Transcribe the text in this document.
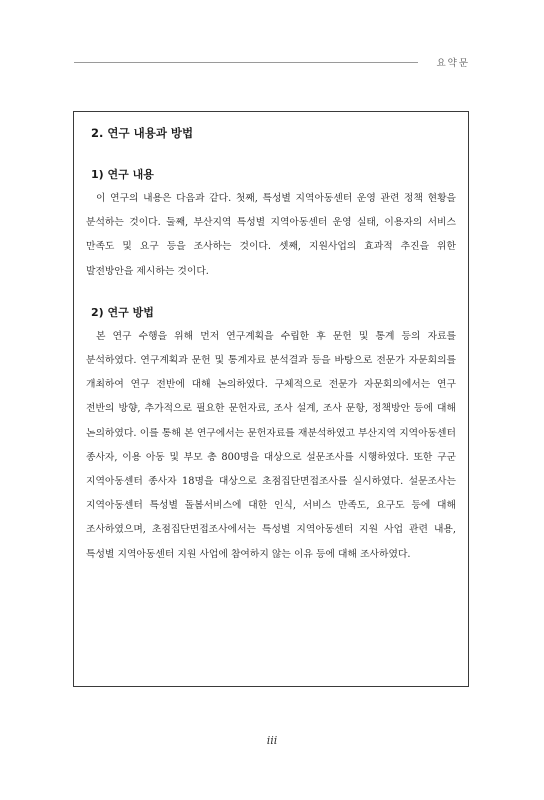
요약문
2. 연구 내용과 방법
1) 연구 내용

이 연구의 내용은 다음과 같다. 첫째, 특성별 지역아동센터 운영 관련 정책 현황을 분석하는 것이다. 둘째, 부산지역 특성별 지역아동센터 운영 실태, 이용자의 서비스 만족도 및 요구 등을 조사하는 것이다. 셋째, 지원사업의 효과적 추진을 위한 발전방안을 제시하는 것이다.

2) 연구 방법

본 연구 수행을 위해 먼저 연구계획을 수립한 후 문헌 및 통계 등의 자료를 분석하였다. 연구계획과 문헌 및 통계자료 분석결과 등을 바탕으로 전문가 자문회의를 개최하여 연구 전반에 대해 논의하였다. 구체적으로 전문가 자문회의에서는 연구 전반의 방향, 추가적으로 필요한 문헌자료, 조사 설계, 조사 문항, 정책방안 등에 대해 논의하였다. 이를 통해 본 연구에서는 문헌자료를 재분석하였고 부산지역 지역아동센터 종사자, 이용 아동 및 부모 총 800명을 대상으로 설문조사를 시행하였다. 또한 구군 지역아동센터 종사자 18명을 대상으로 초점집단면접조사를 실시하였다. 설문조사는 지역아동센터 특성별 돌봄서비스에 대한 인식, 서비스 만족도, 요구도 등에 대해 조사하였으며, 초점집단면접조사에서는 특성별 지역아동센터 지원 사업 관련 내용, 특성별 지역아동센터 지원 사업에 참여하지 않는 이유 등에 대해 조사하였다.

iii
